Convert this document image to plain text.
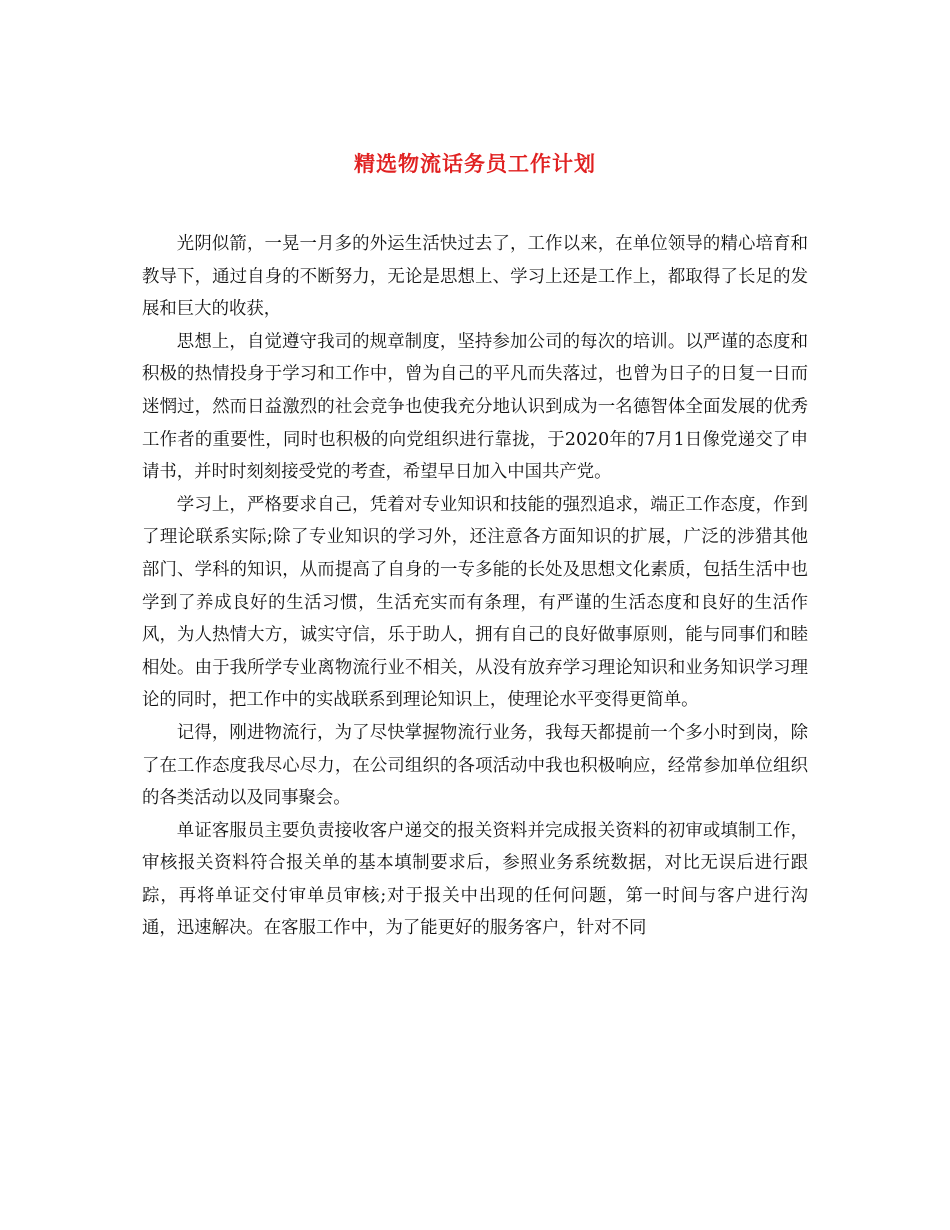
精选物流话务员工作计划

光阴似箭，一晃一月多的外运生活快过去了，工作以来，在单位领导的精心培育和教导下，通过自身的不断努力，无论是思想上、学习上还是工作上，都取得了长足的发展和巨大的收获，

思想上，自觉遵守我司的规章制度，坚持参加公司的每次的培训。以严谨的态度和积极的热情投身于学习和工作中，曾为自己的平凡而失落过，也曾为日子的日复一日而迷惘过，然而日益激烈的社会竞争也使我充分地认识到成为一名德智体全面发展的优秀工作者的重要性，同时也积极的向党组织进行靠拢，于2020年的7月1日像党递交了申请书，并时时刻刻接受党的考查，希望早日加入中国共产党。

学习上，严格要求自己，凭着对专业知识和技能的强烈追求，端正工作态度，作到了理论联系实际;除了专业知识的学习外，还注意各方面知识的扩展，广泛的涉猎其他部门、学科的知识，从而提高了自身的一专多能的长处及思想文化素质，包括生活中也学到了养成良好的生活习惯，生活充实而有条理，有严谨的生活态度和良好的生活作风，为人热情大方，诚实守信，乐于助人，拥有自己的良好做事原则，能与同事们和睦相处。由于我所学专业离物流行业不相关，从没有放弃学习理论知识和业务知识学习理论的同时，把工作中的实战联系到理论知识上，使理论水平变得更简单。

记得，刚进物流行，为了尽快掌握物流行业务，我每天都提前一个多小时到岗，除了在工作态度我尽心尽力，在公司组织的各项活动中我也积极响应，经常参加单位组织的各类活动以及同事聚会。

单证客服员主要负责接收客户递交的报关资料并完成报关资料的初审或填制工作，审核报关资料符合报关单的基本填制要求后，参照业务系统数据，对比无误后进行跟踪，再将单证交付审单员审核;对于报关中出现的任何问题，第一时间与客户进行沟通，迅速解决。在客服工作中，为了能更好的服务客户，针对不同
